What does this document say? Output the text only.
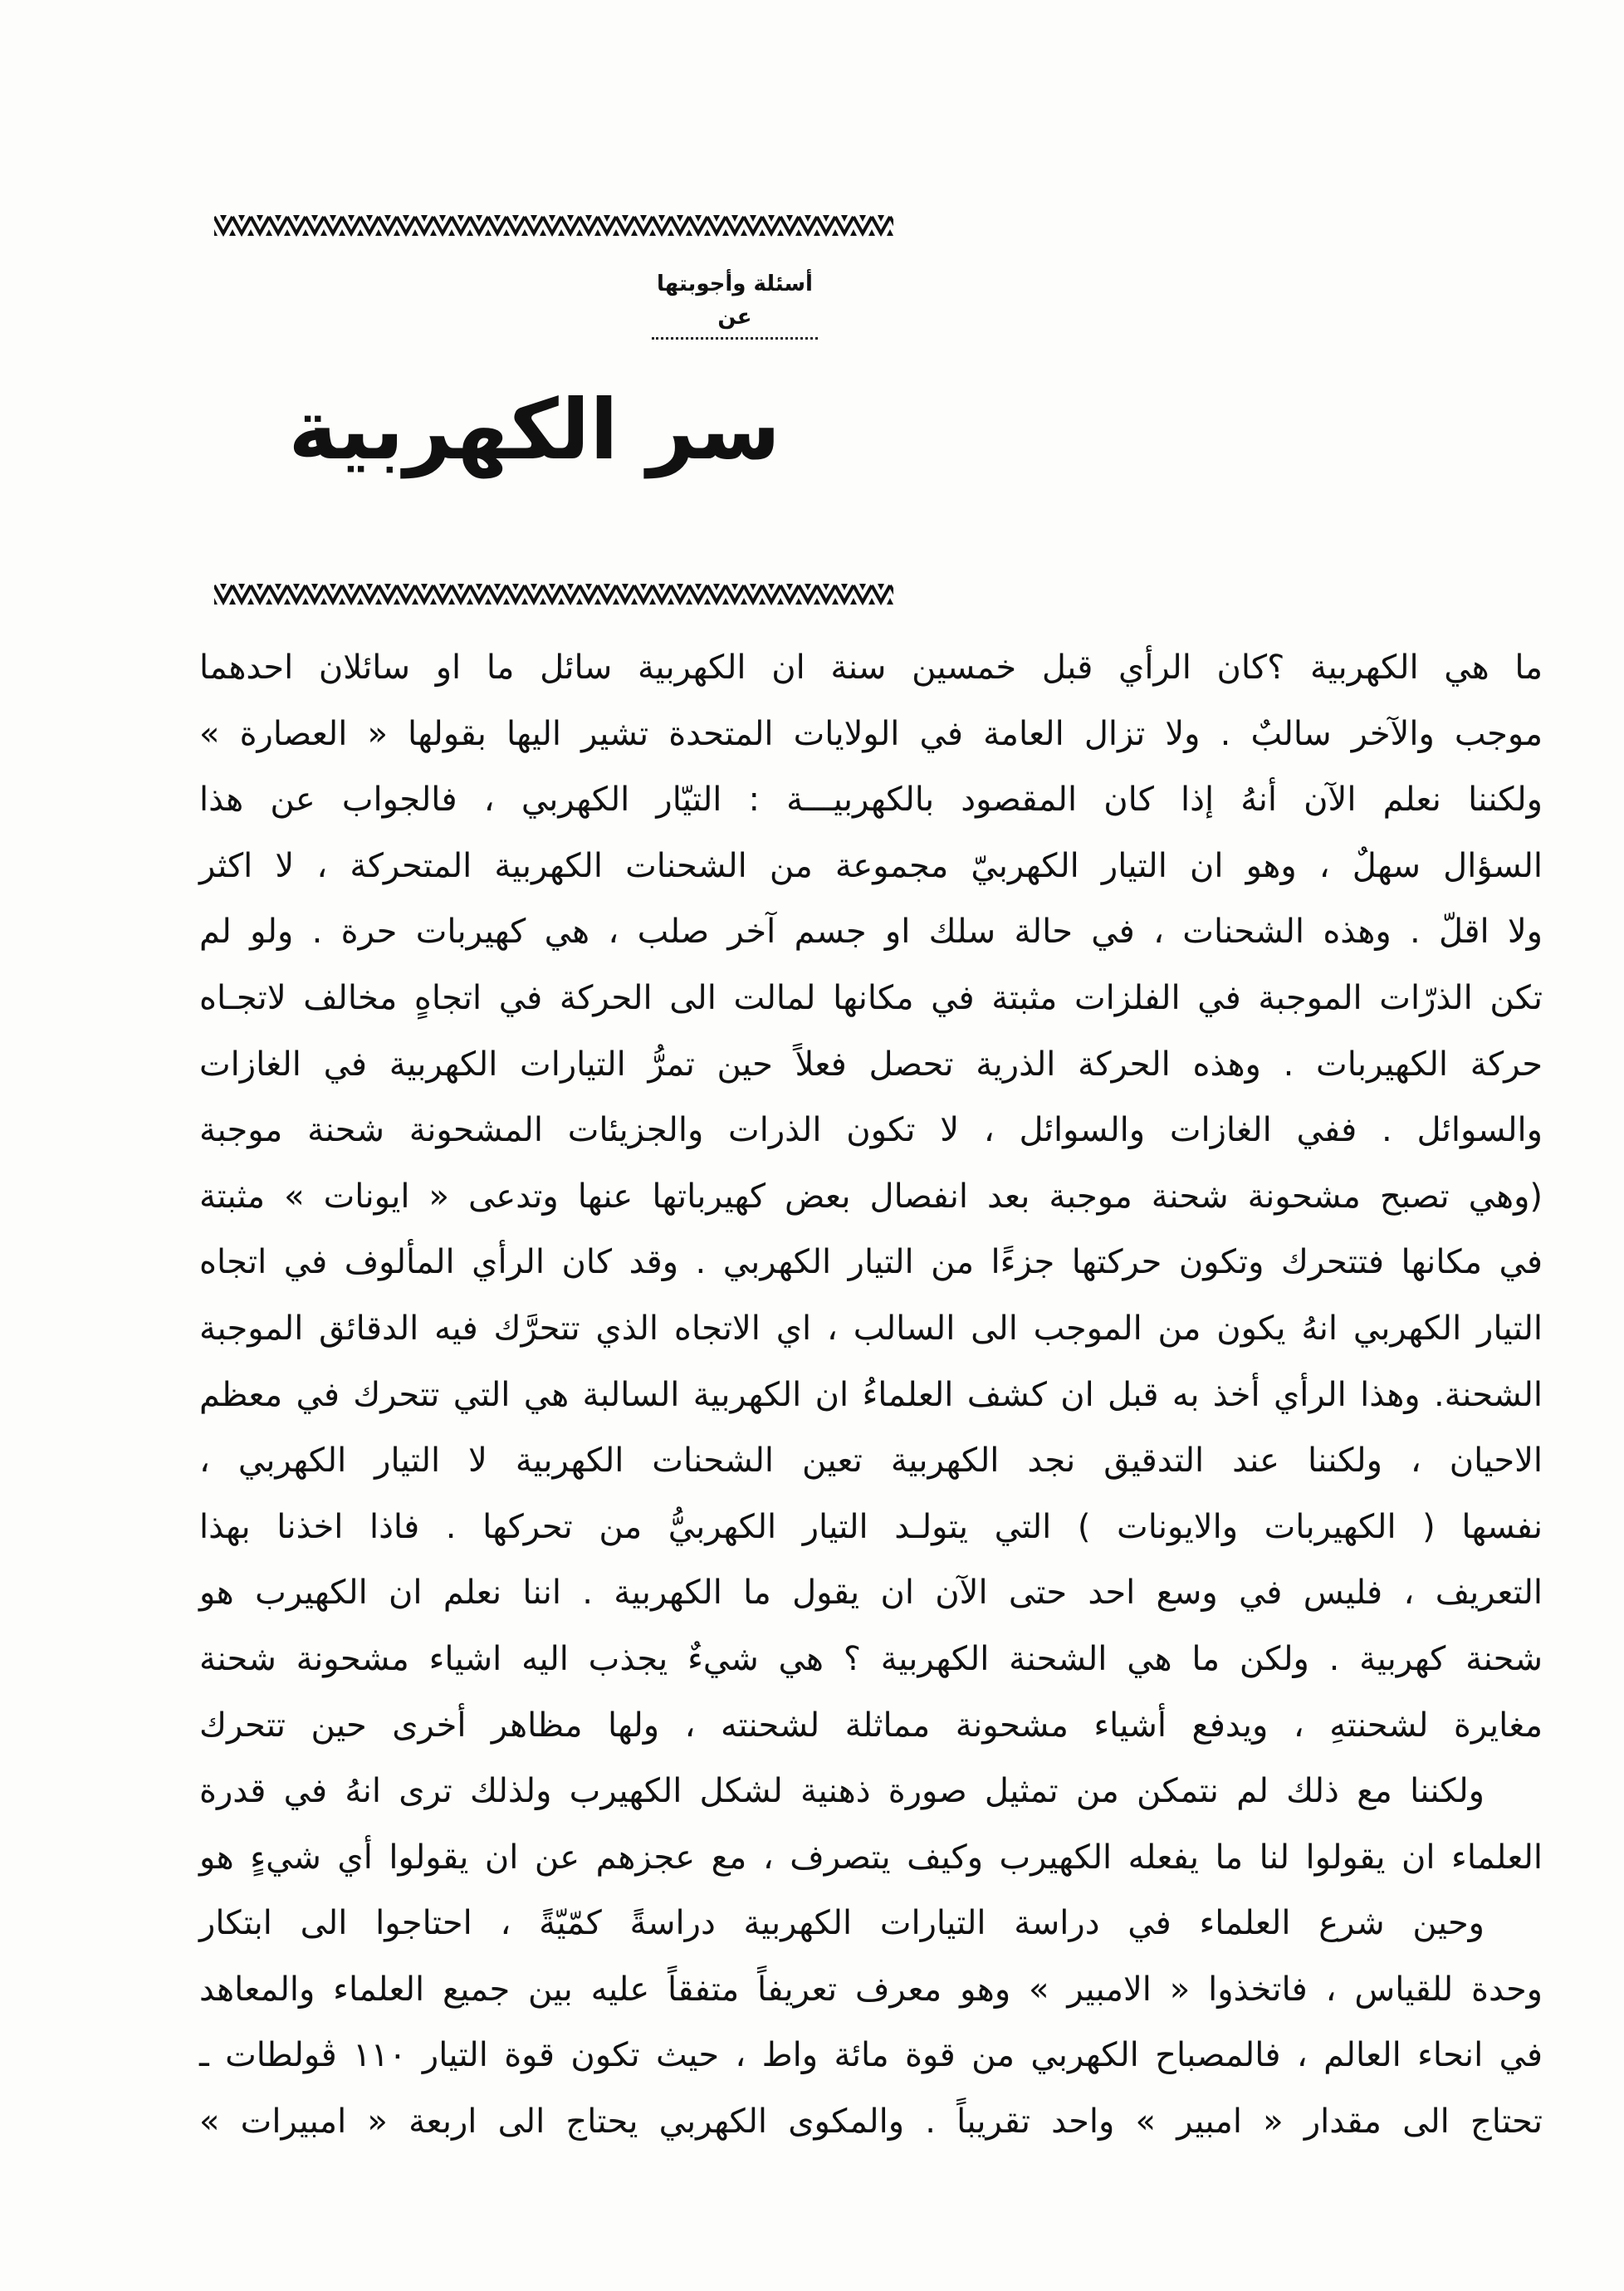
أسئلة وأجوبتها عن
سر الكهربية
ما هي الكهربية ؟كان الرأي قبل خمسين سنة ان الكهربية سائل ما او سائلان احدهما
موجب والآخر سالبٌ . ولا تزال العامة في الولايات المتحدة تشير اليها بقولها « العصارة »
ولكننا نعلم الآن أنهُ إذا كان المقصود بالكهربيـــة : التيّار الكهربي ، فالجواب عن هذا
السؤال سهلٌ ، وهو ان التيار الكهربيّ مجموعة من الشحنات الكهربية المتحركة ، لا اكثر
ولا اقلّ . وهذه الشحنات ، في حالة سلك او جسم آخر صلب ، هي كهيربات حرة . ولو لم
تكن الذرّات الموجبة في الفلزات مثبتة في مكانها لمالت الى الحركة في اتجاهٍ مخالف لاتجـاه
حركة الكهيربات . وهذه الحركة الذرية تحصل فعلاً حين تمرُّ التيارات الكهربية في الغازات
والسوائل . ففي الغازات والسوائل ، لا تكون الذرات والجزيئات المشحونة شحنة موجبة
(وهي تصبح مشحونة شحنة موجبة بعد انفصال بعض كهيرباتها عنها وتدعى « ايونات » مثبتة
في مكانها فتتحرك وتكون حركتها جزءًا من التيار الكهربي . وقد كان الرأي المألوف في اتجاه
التيار الكهربي انهُ يكون من الموجب الى السالب ، اي الاتجاه الذي تتحرَّك فيه الدقائق الموجبة
الشحنة. وهذا الرأي أخذ به قبل ان كشف العلماءُ ان الكهربية السالبة هي التي تتحرك في معظم
الاحيان ، ولكننا عند التدقيق نجد الكهربية تعين الشحنات الكهربية لا التيار الكهربي ،
نفسها ( الكهيربات والايونات ) التي يتولـد التيار الكهربيُّ من تحركها . فاذا اخذنا بهذا
التعريف ، فليس في وسع احد حتى الآن ان يقول ما الكهربية . اننا نعلم ان الكهيرب هو
شحنة كهربية . ولكن ما هي الشحنة الكهربية ؟ هي شيءٌ يجذب اليه اشياء مشحونة شحنة
مغايرة لشحنتهِ ، ويدفع أشياء مشحونة مماثلة لشحنته ، ولها مظاهر أخرى حين تتحرك
ولكننا مع ذلك لم نتمكن من تمثيل صورة ذهنية لشكل الكهيرب ولذلك ترى انهُ في قدرة
العلماء ان يقولوا لنا ما يفعله الكهيرب وكيف يتصرف ، مع عجزهم عن ان يقولوا أي شيءٍ هو
وحين شرع العلماء في دراسة التيارات الكهربية دراسةً كمّيّةً ، احتاجوا الى ابتكار
وحدة للقياس ، فاتخذوا « الامبير » وهو معرف تعريفاً متفقاً عليه بين جميع العلماء والمعاهد
في انحاء العالم ، فالمصباح الكهربي من قوة مائة واط ، حيث تكون قوة التيار ١١٠ ڤولطات ـ
تحتاج الى مقدار « امبير » واحد تقريباً . والمكوى الكهربي يحتاج الى اربعة « امبيرات »
